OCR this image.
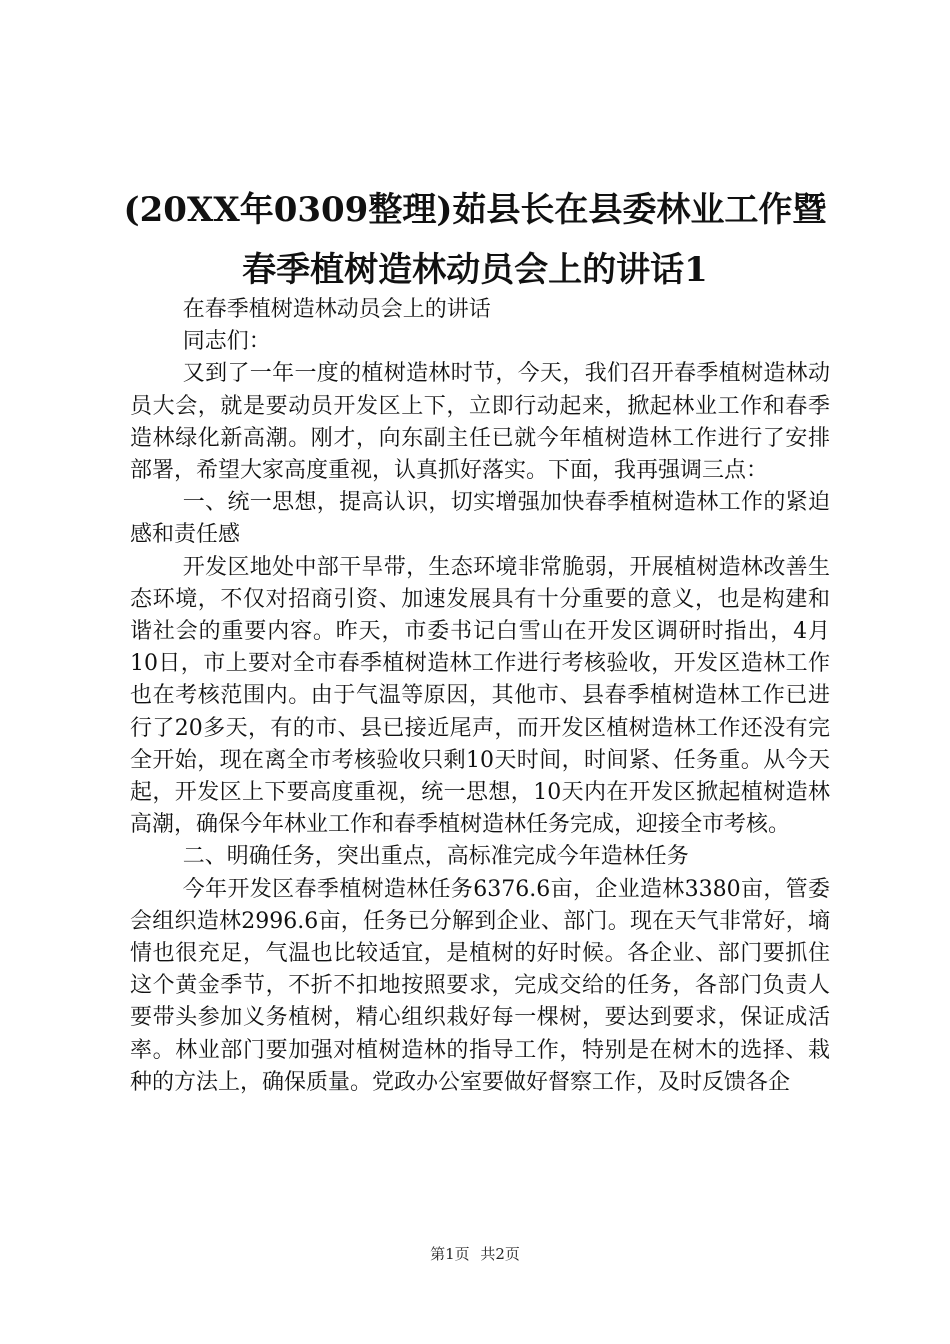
(20XX年0309整理)茹县长在县委林业工作暨
春季植树造林动员会上的讲话1

在春季植树造林动员会上的讲话

同志们：

又到了一年一度的植树造林时节，今天，我们召开春季植树造林动员大会，就是要动员开发区上下，立即行动起来，掀起林业工作和春季造林绿化新高潮。刚才，向东副主任已就今年植树造林工作进行了安排部署，希望大家高度重视，认真抓好落实。下面，我再强调三点：

一、统一思想，提高认识，切实增强加快春季植树造林工作的紧迫感和责任感

开发区地处中部干旱带，生态环境非常脆弱，开展植树造林改善生态环境，不仅对招商引资、加速发展具有十分重要的意义，也是构建和谐社会的重要内容。昨天，市委书记白雪山在开发区调研时指出，4月10日，市上要对全市春季植树造林工作进行考核验收，开发区造林工作也在考核范围内。由于气温等原因，其他市、县春季植树造林工作已进行了20多天，有的市、县已接近尾声，而开发区植树造林工作还没有完全开始，现在离全市考核验收只剩10天时间，时间紧、任务重。从今天起，开发区上下要高度重视，统一思想，10天内在开发区掀起植树造林高潮，确保今年林业工作和春季植树造林任务完成，迎接全市考核。

二、明确任务，突出重点，高标准完成今年造林任务

今年开发区春季植树造林任务6376.6亩，企业造林3380亩，管委会组织造林2996.6亩，任务已分解到企业、部门。现在天气非常好，墒情也很充足，气温也比较适宜，是植树的好时候。各企业、部门要抓住这个黄金季节，不折不扣地按照要求，完成交给的任务，各部门负责人要带头参加义务植树，精心组织栽好每一棵树，要达到要求，保证成活率。林业部门要加强对植树造林的指导工作，特别是在树木的选择、栽种的方法上，确保质量。党政办公室要做好督察工作，及时反馈各企

第1页 共2页
